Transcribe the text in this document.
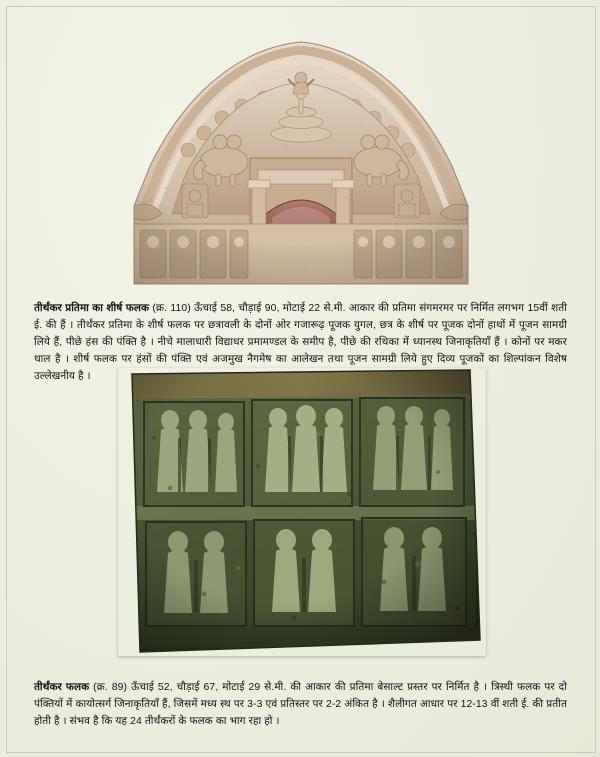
तीर्थंकर प्रतिमा का शीर्ष फलक (क्र. 110) ऊँचाई 58, चौड़ाई 90, मोटाई 22 से.मी. आकार की प्रतिमा संगमरमर पर निर्मित लगभग 15वीं शती ई. की हैं । तीर्थंकर प्रतिमा के शीर्ष फलक पर छत्रावली के दोनों ओर गजारूढ़ पूजक युगल, छत्र के शीर्ष पर पूजक दोनों हाथों में पूजन सामग्री लिये हैं, पीछे हंस की पंक्ति है । नीचे मालाधारी विद्याधर प्रमामण्डल के समीप है, पीछे की रथिका में ध्यानस्थ जिनाकृतियाँ हैं । कोनों पर मकर थाल है । शीर्ष फलक पर हंसों की पंक्ति एवं अजमुख नैगमेष का आलेखन तथा पूजन सामग्री लिये हुए दिव्य पूजकों का शिल्पांकन विशेष उल्लेखनीय है ।

तीर्थंकर फलक (क्र. 89) ऊँचाई 52, चौड़ाई 67, मोटाई 29 से.मी. की आकार की प्रतिमा बेसाल्ट प्रस्तर पर निर्मित है । त्रिस्थी फलक पर दो पंक्तियों में कायोत्सर्ग जिनाकृतियाँ हैं, जिसमें मध्य स्थ पर 3-3 एवं प्रतिस्तर पर 2-2 अंकित है । शैलीगत आधार पर 12-13 वीं शती ई. की प्रतीत होती है । संभव है कि यह 24 तीर्थंकरों के फलक का भाग रहा हो ।
